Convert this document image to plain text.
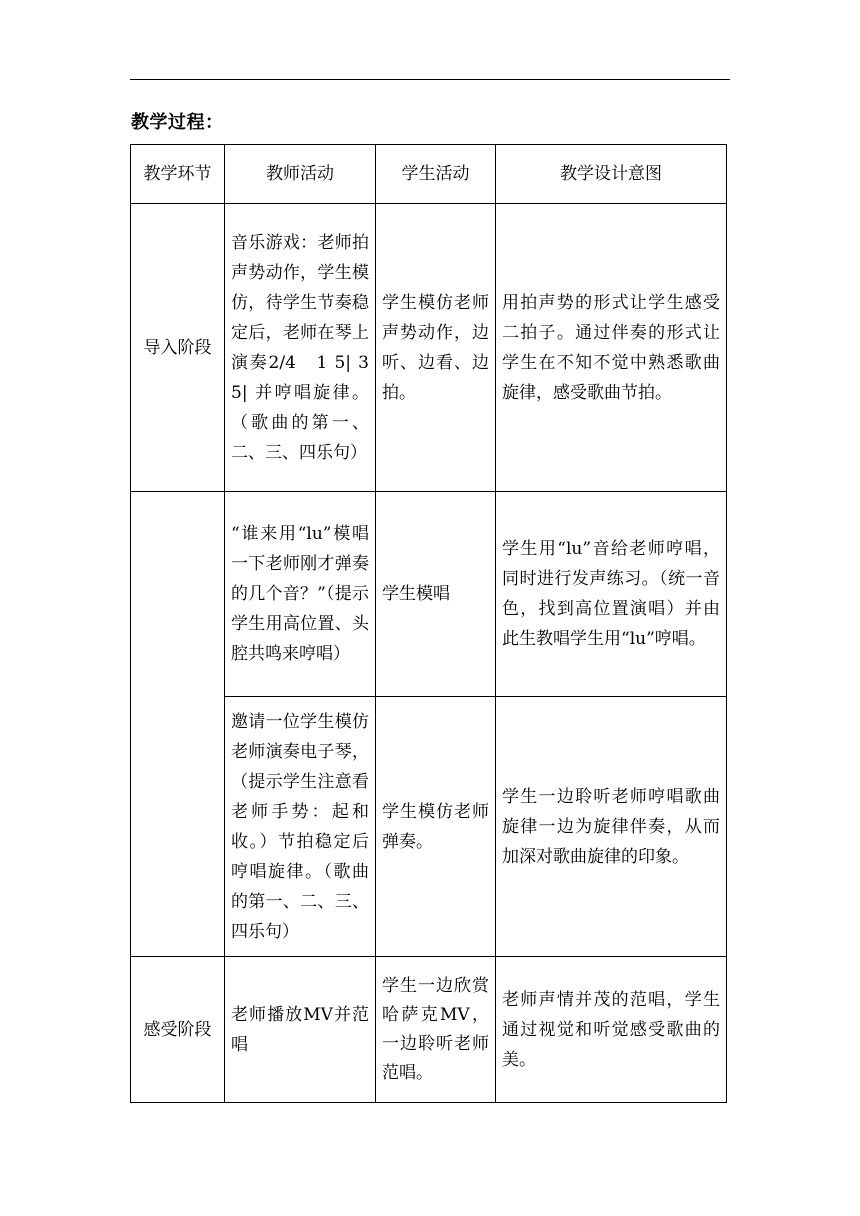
教学过程：
教学环节	教师活动	学生活动	教学设计意图
导入阶段	音乐游戏：老师拍声势动作，学生模仿，待学生节奏稳定后，老师在琴上演奏2/4　1 5| 3 5| 并哼唱旋律。（歌曲的第一、二、三、四乐句）	学生模仿老师声势动作，边听、边看、边拍。	用拍声势的形式让学生感受二拍子。通过伴奏的形式让学生在不知不觉中熟悉歌曲旋律，感受歌曲节拍。
	“谁来用“lu”模唱一下老师刚才弹奏的几个音？”（提示学生用高位置、头腔共鸣来哼唱）	学生模唱	学生用“lu”音给老师哼唱，同时进行发声练习。（统一音色，找到高位置演唱）并由此生教唱学生用“lu”哼唱。
	邀请一位学生模仿老师演奏电子琴，（提示学生注意看老师手势：起和收。）节拍稳定后哼唱旋律。（歌曲的第一、二、三、四乐句）	学生模仿老师弹奏。	学生一边聆听老师哼唱歌曲旋律一边为旋律伴奏，从而加深对歌曲旋律的印象。
感受阶段	老师播放MV并范唱	学生一边欣赏哈萨克MV，一边聆听老师范唱。	老师声情并茂的范唱，学生通过视觉和听觉感受歌曲的美。
